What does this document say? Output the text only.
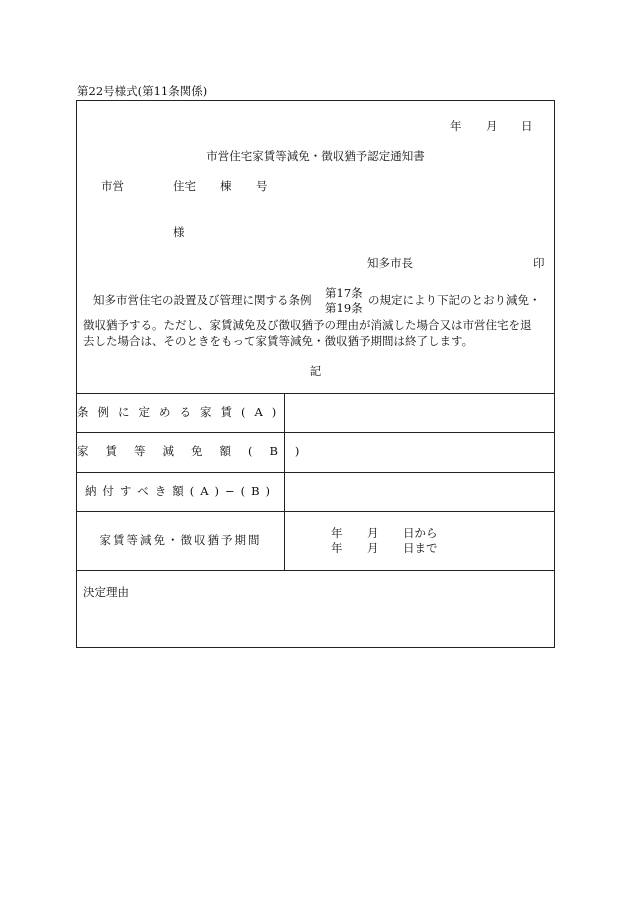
第22号様式(第11条関係)
年 月 日
市営住宅家賃等減免・徴収猶予認定通知書
市営	住宅 棟 号
様
知多市長	印
知多市営住宅の設置及び管理に関する条例 第17条
第19条
の規定により下記のとおり減免・
徴収猶予する。ただし、家賃減免及び徴収猶予の理由が消滅した場合又は市営住宅を退
去した場合は、そのときをもって家賃等減免・徴収猶予期間は終了します。
記
条例に定める家賃(A)
家賃等減免額(B)
納付すべき額(A)−(B)
家賃等減免・徴収猶予期間	年 月 日から
年 月 日まで
決定理由
